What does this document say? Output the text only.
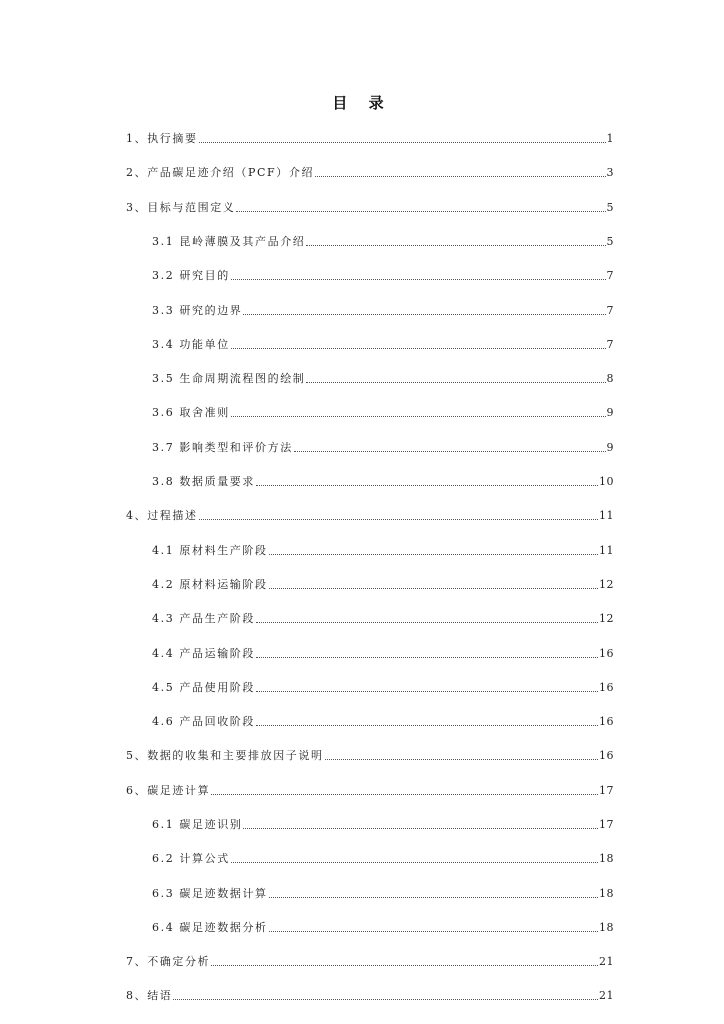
目 录
1、执行摘要	1
2、产品碳足迹介绍（PCF）介绍	3
3、目标与范围定义	5
3.1 昆岭薄膜及其产品介绍	5
3.2 研究目的	7
3.3 研究的边界	7
3.4 功能单位	7
3.5 生命周期流程图的绘制	8
3.6 取舍准则	9
3.7 影响类型和评价方法	9
3.8 数据质量要求	10
4、过程描述	11
4.1 原材料生产阶段	11
4.2 原材料运输阶段	12
4.3 产品生产阶段	12
4.4 产品运输阶段	16
4.5 产品使用阶段	16
4.6 产品回收阶段	16
5、数据的收集和主要排放因子说明	16
6、碳足迹计算	17
6.1 碳足迹识别	17
6.2 计算公式	18
6.3 碳足迹数据计算	18
6.4 碳足迹数据分析	18
7、不确定分析	21
8、结语	21
